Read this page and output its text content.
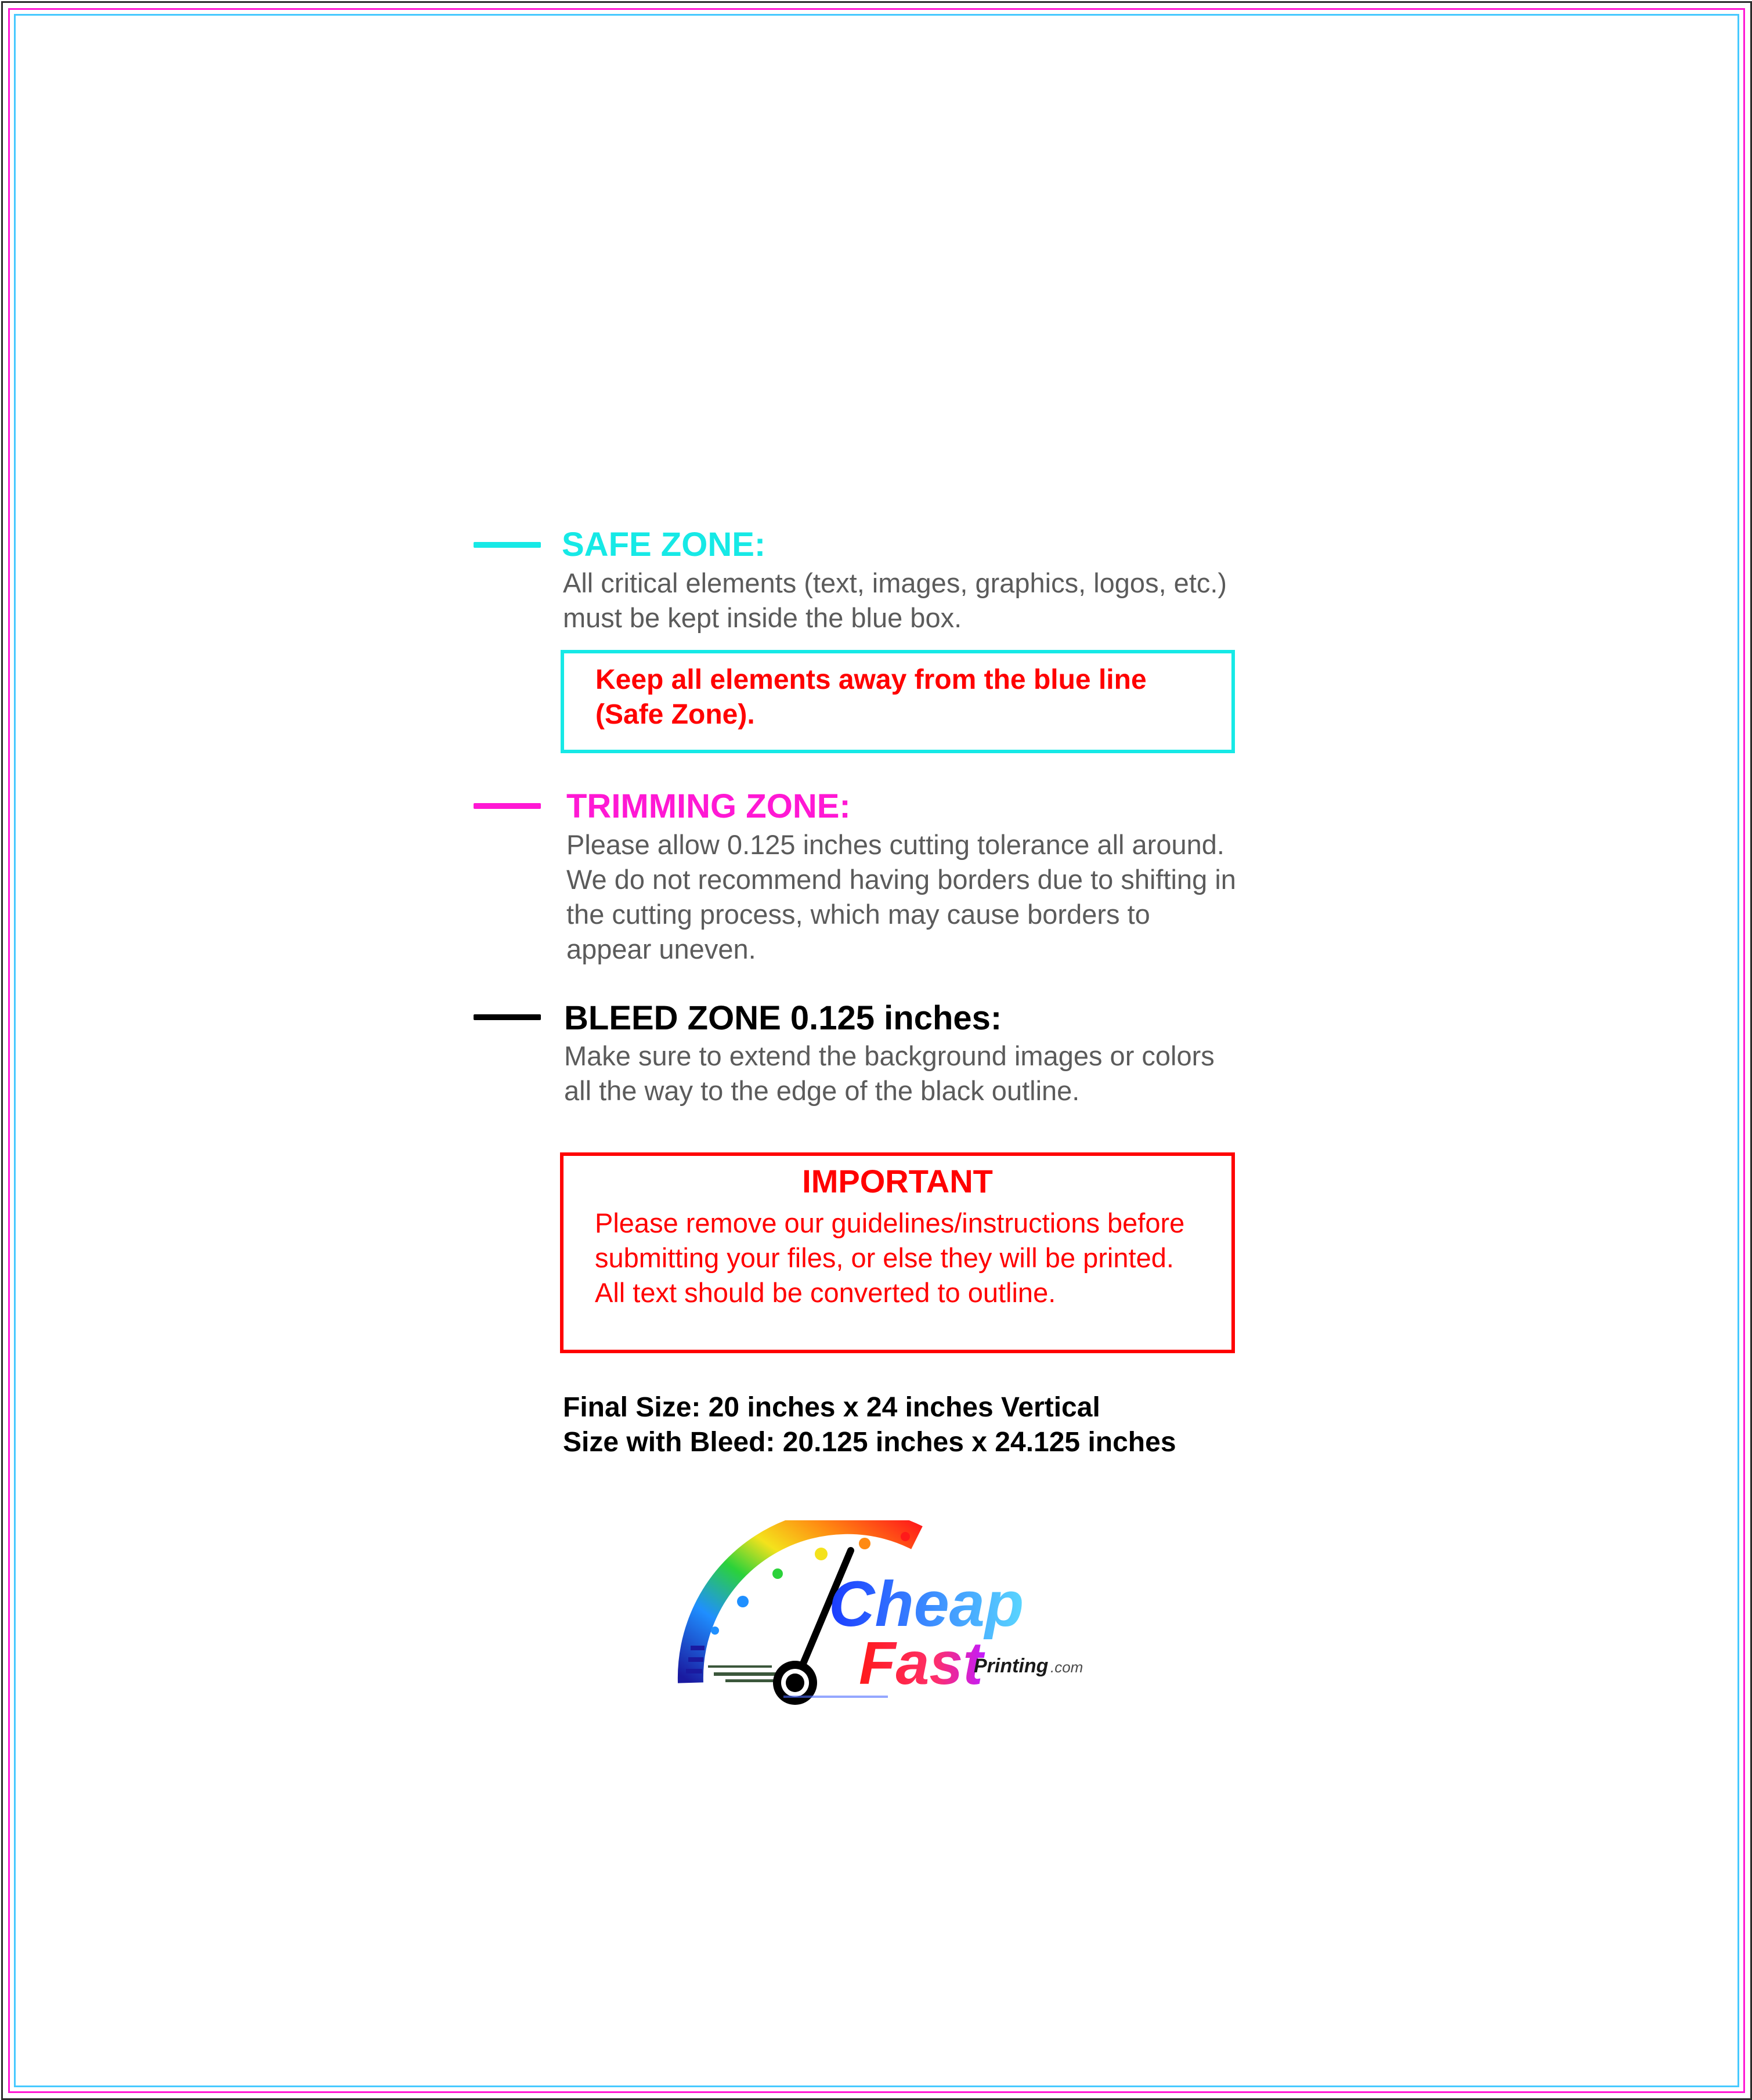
SAFE ZONE:
All critical elements (text, images, graphics, logos, etc.)
must be kept inside the blue box.
Keep all elements away from the blue line
(Safe Zone).
TRIMMING ZONE:
Please allow 0.125 inches cutting tolerance all around.
We do not recommend having borders due to shifting in
the cutting process, which may cause borders to
appear uneven.
BLEED ZONE 0.125 inches:
Make sure to extend the background images or colors
all the way to the edge of the black outline.
IMPORTANT
Please remove our guidelines/instructions before
submitting your files, or else they will be printed.
All text should be converted to outline.
Final Size: 20 inches x 24 inches Vertical
Size with Bleed: 20.125 inches x 24.125 inches
Cheap
Fast
Printing .com
